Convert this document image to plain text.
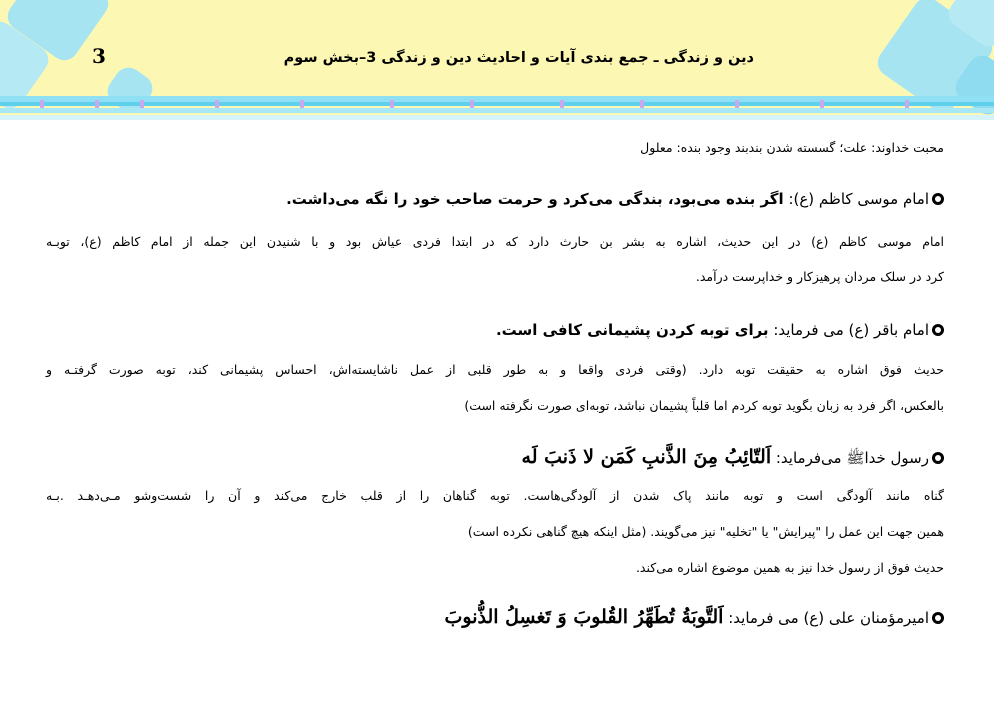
3	دین و زندگی ـ جمع بندی آیات و احادیث دین و زندگی 3–بخش سوم
محبت خداوند: علت؛ گسسته شدن بندبند وجود بنده: معلول
امام موسی کاظم (ع): اگر بنده می‌بود، بندگی می‌کرد و حرمت صاحب خود را نگه می‌داشت.
امام موسی کاظم (ع) در این حدیث، اشاره به بشر بن حارث دارد که در ابتدا فردی عیاش بود و با شنیدن این جمله از امام کاظم (ع)، توبـه
کرد در سلک مردان پرهیزکار و خداپرست درآمد.
امام باقر (ع) می فرماید: برای توبه کردن پشیمانی کافی است.
حدیث فوق اشاره به حقیقت توبه دارد. (وقتی فردی واقعا و به طور قلبی از عمل ناشایسته‌اش، احساس پشیمانی کند، توبه صورت گرفتـه و
بالعکس، اگر فرد به زبان بگوید توبه کردم اما قلباً پشیمان نباشد، توبه‌ای صورت نگرفته است)
رسول خداﷺ می‌فرماید: اَلتّائِبُ مِنَ الذَّنبِ کَمَن لا ذَنبَ لَه
گناه مانند آلودگی است و توبه مانند پاک شدن از آلودگی‌هاست. توبه گناهان را از قلب خارج می‌کند و آن را شست‌وشو مـی‌دهـد .بـه
همین جهت این عمل را "پیرایش" یا "تخلیه" نیز می‌گویند. (مثل اینکه هیچ گناهی نکرده است)
حدیث فوق از رسول خدا نیز به همین موضوع اشاره می‌کند.
امیرمؤمنان علی (ع) می فرماید: اَلتَّوبَةُ تُطَهِّرُ القُلوبَ وَ تَغسِلُ الذُّنوبَ
